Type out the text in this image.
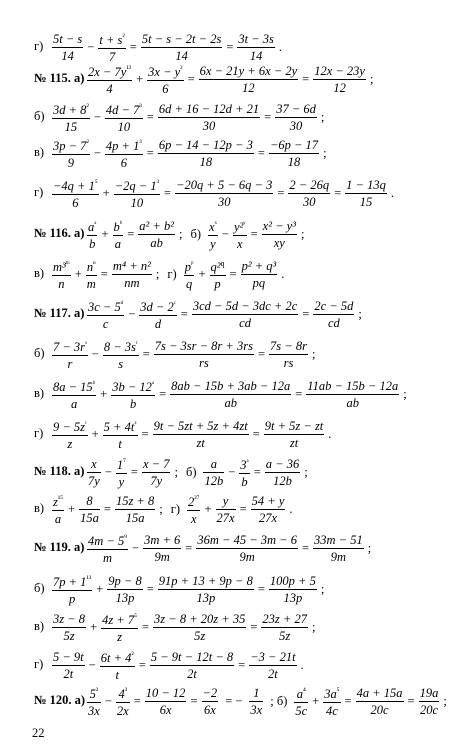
$г) \frac{5t - s}{14} - \frac{t + s^{^2}}{7} = \frac{5t - s - 2t - 2s}{14} = \frac{3t - 3s}{14}$ .
№ 115. $а) \frac{2x - 7y^{^{13}}}{4} + \frac{3x - y^{^2}}{6} = \frac{6x - 21y + 6x - 2y}{12} = \frac{12x - 23y}{12}$ ;
$б) \frac{3d + 8^{^2}}{15} - \frac{4d - 7^{^3}}{10} = \frac{6d + 16 - 12d + 21}{30} = \frac{37 - 6d}{30}$ ;
$в) \frac{3p - 7^{^2}}{9} - \frac{4p + 1^{^3}}{6} = \frac{6p - 14 - 12p - 3}{18} = \frac{-6p - 17}{18}$ ;
$г) \frac{-4q + 1^{^5}}{6} + \frac{-2q - 1^{^3}}{10} = \frac{-20q + 5 - 6q - 3}{30} = \frac{2 - 26q}{30} = \frac{1 - 13q}{15}$ .
№ 116. $а) \frac{a^ᵃ}{b} + \frac{b^ᵇ}{a} = \frac{\text{a² + b²}}{ab}$ ; $б) \frac{x^ˣ}{y} - \frac{y^2^ʸ}{x} = \frac{\text{x² − y³}}{xy}$ ;
$в) \frac{m^3^ᵐ}{n} + \frac{n^{^n}}{m} = \frac{\text{m⁴ + n²}}{nm}$ ; $г) \frac{p^ᵖ}{q} + \frac{q^2^q}{p} = \frac{\text{p² + q³}}{pq}$ .
№ 117. $а) \frac{3c - 5^ᵈ}{c} - \frac{3d - 2^ᶜ}{d} = \frac{3cd - 5d - 3dc + 2c}{cd} = \frac{2c - 5d}{cd}$ ;
$б) \frac{7 - 3r^ˢ}{r} - \frac{8 - 3s^ʳ}{s} = \frac{7s - 3sr - 8r + 3rs}{rs} = \frac{7s - 8r}{rs}$ ;
$в) \frac{8a - 15^ᵇ}{a} + \frac{3b - 12^ᵃ}{b} = \frac{8ab - 15b + 3ab - 12a}{ab} = \frac{11ab - 15b - 12a}{ab}$ ;
$г) \frac{9 - 5z^ᵗ}{z} + \frac{5 + 4t^ᶻ}{t} = \frac{9t - 5zt + 5z + 4zt}{zt} = \frac{9t + 5z - zt}{zt}$ .
№ 118. $а) \frac{x}{7y} - \frac{1^{^7}}{y} = \frac{x - 7}{7y}$ ; $б) \frac{a}{12b} - \frac{3^ᵃ}{b} = \frac{a - 36}{12b}$ ;
$в) \frac{z^{^{15}}}{a} + \frac{8}{15a} = \frac{15z + 8}{15a}$ ; $г) \frac{2^{^{27}}}{x} + \frac{y}{27x} = \frac{54 + y}{27x}$ .
№ 119. $а) \frac{4m - 5^{^9}}{m} - \frac{3m + 6}{9m} = \frac{36m - 45 - 3m - 6}{9m} = \frac{33m - 51}{9m}$ ;
$б) \frac{7p + 1^{^{13}}}{p} + \frac{9p - 8}{13p} = \frac{91p + 13 + 9p - 8}{13p} = \frac{100p + 5}{13p}$ ;
$в) \frac{3z - 8}{5z} + \frac{4z + 7^{^5}}{z} = \frac{3z - 8 + 20z + 35}{5z} = \frac{23z + 27}{5z}$ ;
$г) \frac{5 - 9t}{2t} - \frac{6t + 4^{^2}}{t} = \frac{5 - 9t - 12t - 8}{2t} = \frac{-3 - 21t}{2t}$ .
№ 120. $а) \frac{5^{^2}}{3x} - \frac{4^{^3}}{2x} = \frac{10 - 12}{6x} = \frac{-2}{6x}$ = − $\frac{1}{3x}$ ; $б) \frac{a^{^4}}{5c} + \frac{3a^{^5}}{4c} = \frac{4a + 15a}{20c} = \frac{19a}{20c}$ ;
22
